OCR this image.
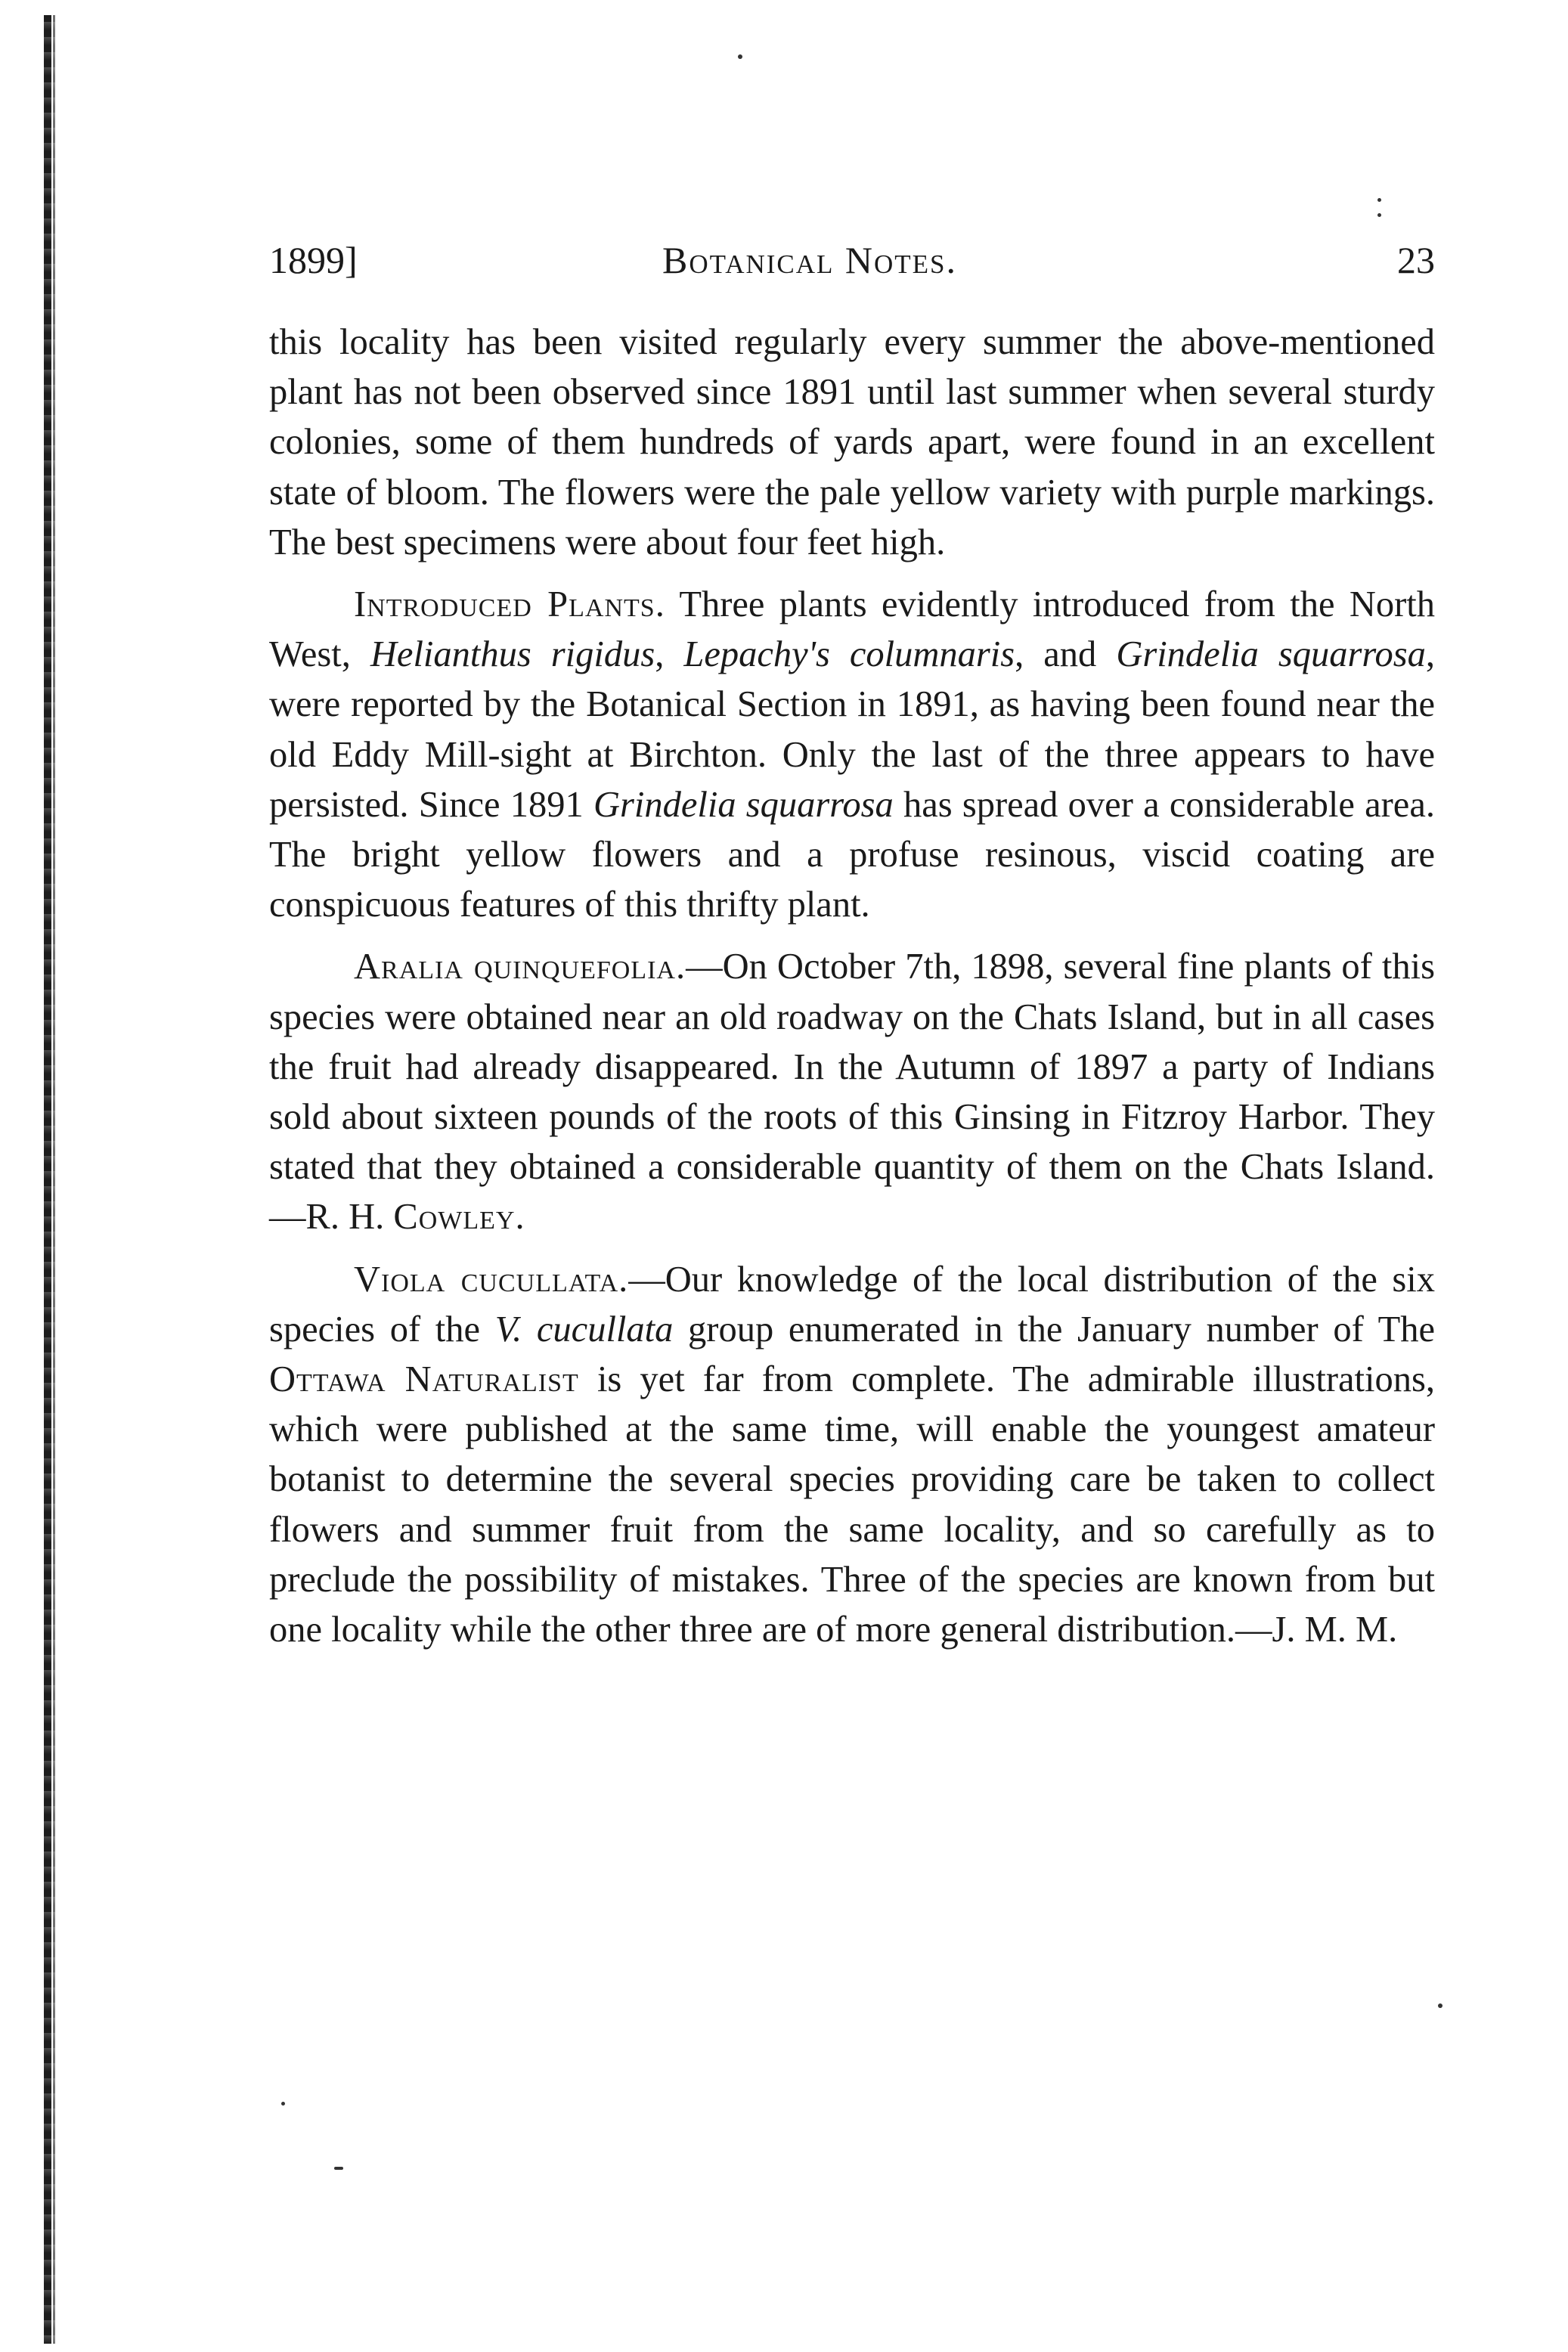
1899]	Botanical Notes.	23

this locality has been visited regularly every summer the above-mentioned plant has not been observed since 1891 until last summer when several sturdy colonies, some of them hundreds of yards apart, were found in an excellent state of bloom. The flowers were the pale yellow variety with purple markings. The best specimens were about four feet high.

Introduced Plants. Three plants evidently introduced from the North West, Helianthus rigidus, Lepachy's columnaris, and Grindelia squarrosa, were reported by the Botanical Section in 1891, as having been found near the old Eddy Mill-sight at Birchton. Only the last of the three appears to have persisted. Since 1891 Grindelia squarrosa has spread over a considerable area. The bright yellow flowers and a profuse resinous, viscid coating are conspicuous features of this thrifty plant.

Aralia quinquefolia.—On October 7th, 1898, several fine plants of this species were obtained near an old roadway on the Chats Island, but in all cases the fruit had already disappeared. In the Autumn of 1897 a party of Indians sold about sixteen pounds of the roots of this Ginsing in Fitzroy Harbor. They stated that they obtained a considerable quantity of them on the Chats Island.—R. H. Cowley.

Viola cucullata.—Our knowledge of the local distribution of the six species of the V. cucullata group enumerated in the January number of The Ottawa Naturalist is yet far from complete. The admirable illustrations, which were published at the same time, will enable the youngest amateur botanist to determine the several species providing care be taken to collect flowers and summer fruit from the same locality, and so carefully as to preclude the possibility of mistakes. Three of the species are known from but one locality while the other three are of more general distribution.—J. M. M.
